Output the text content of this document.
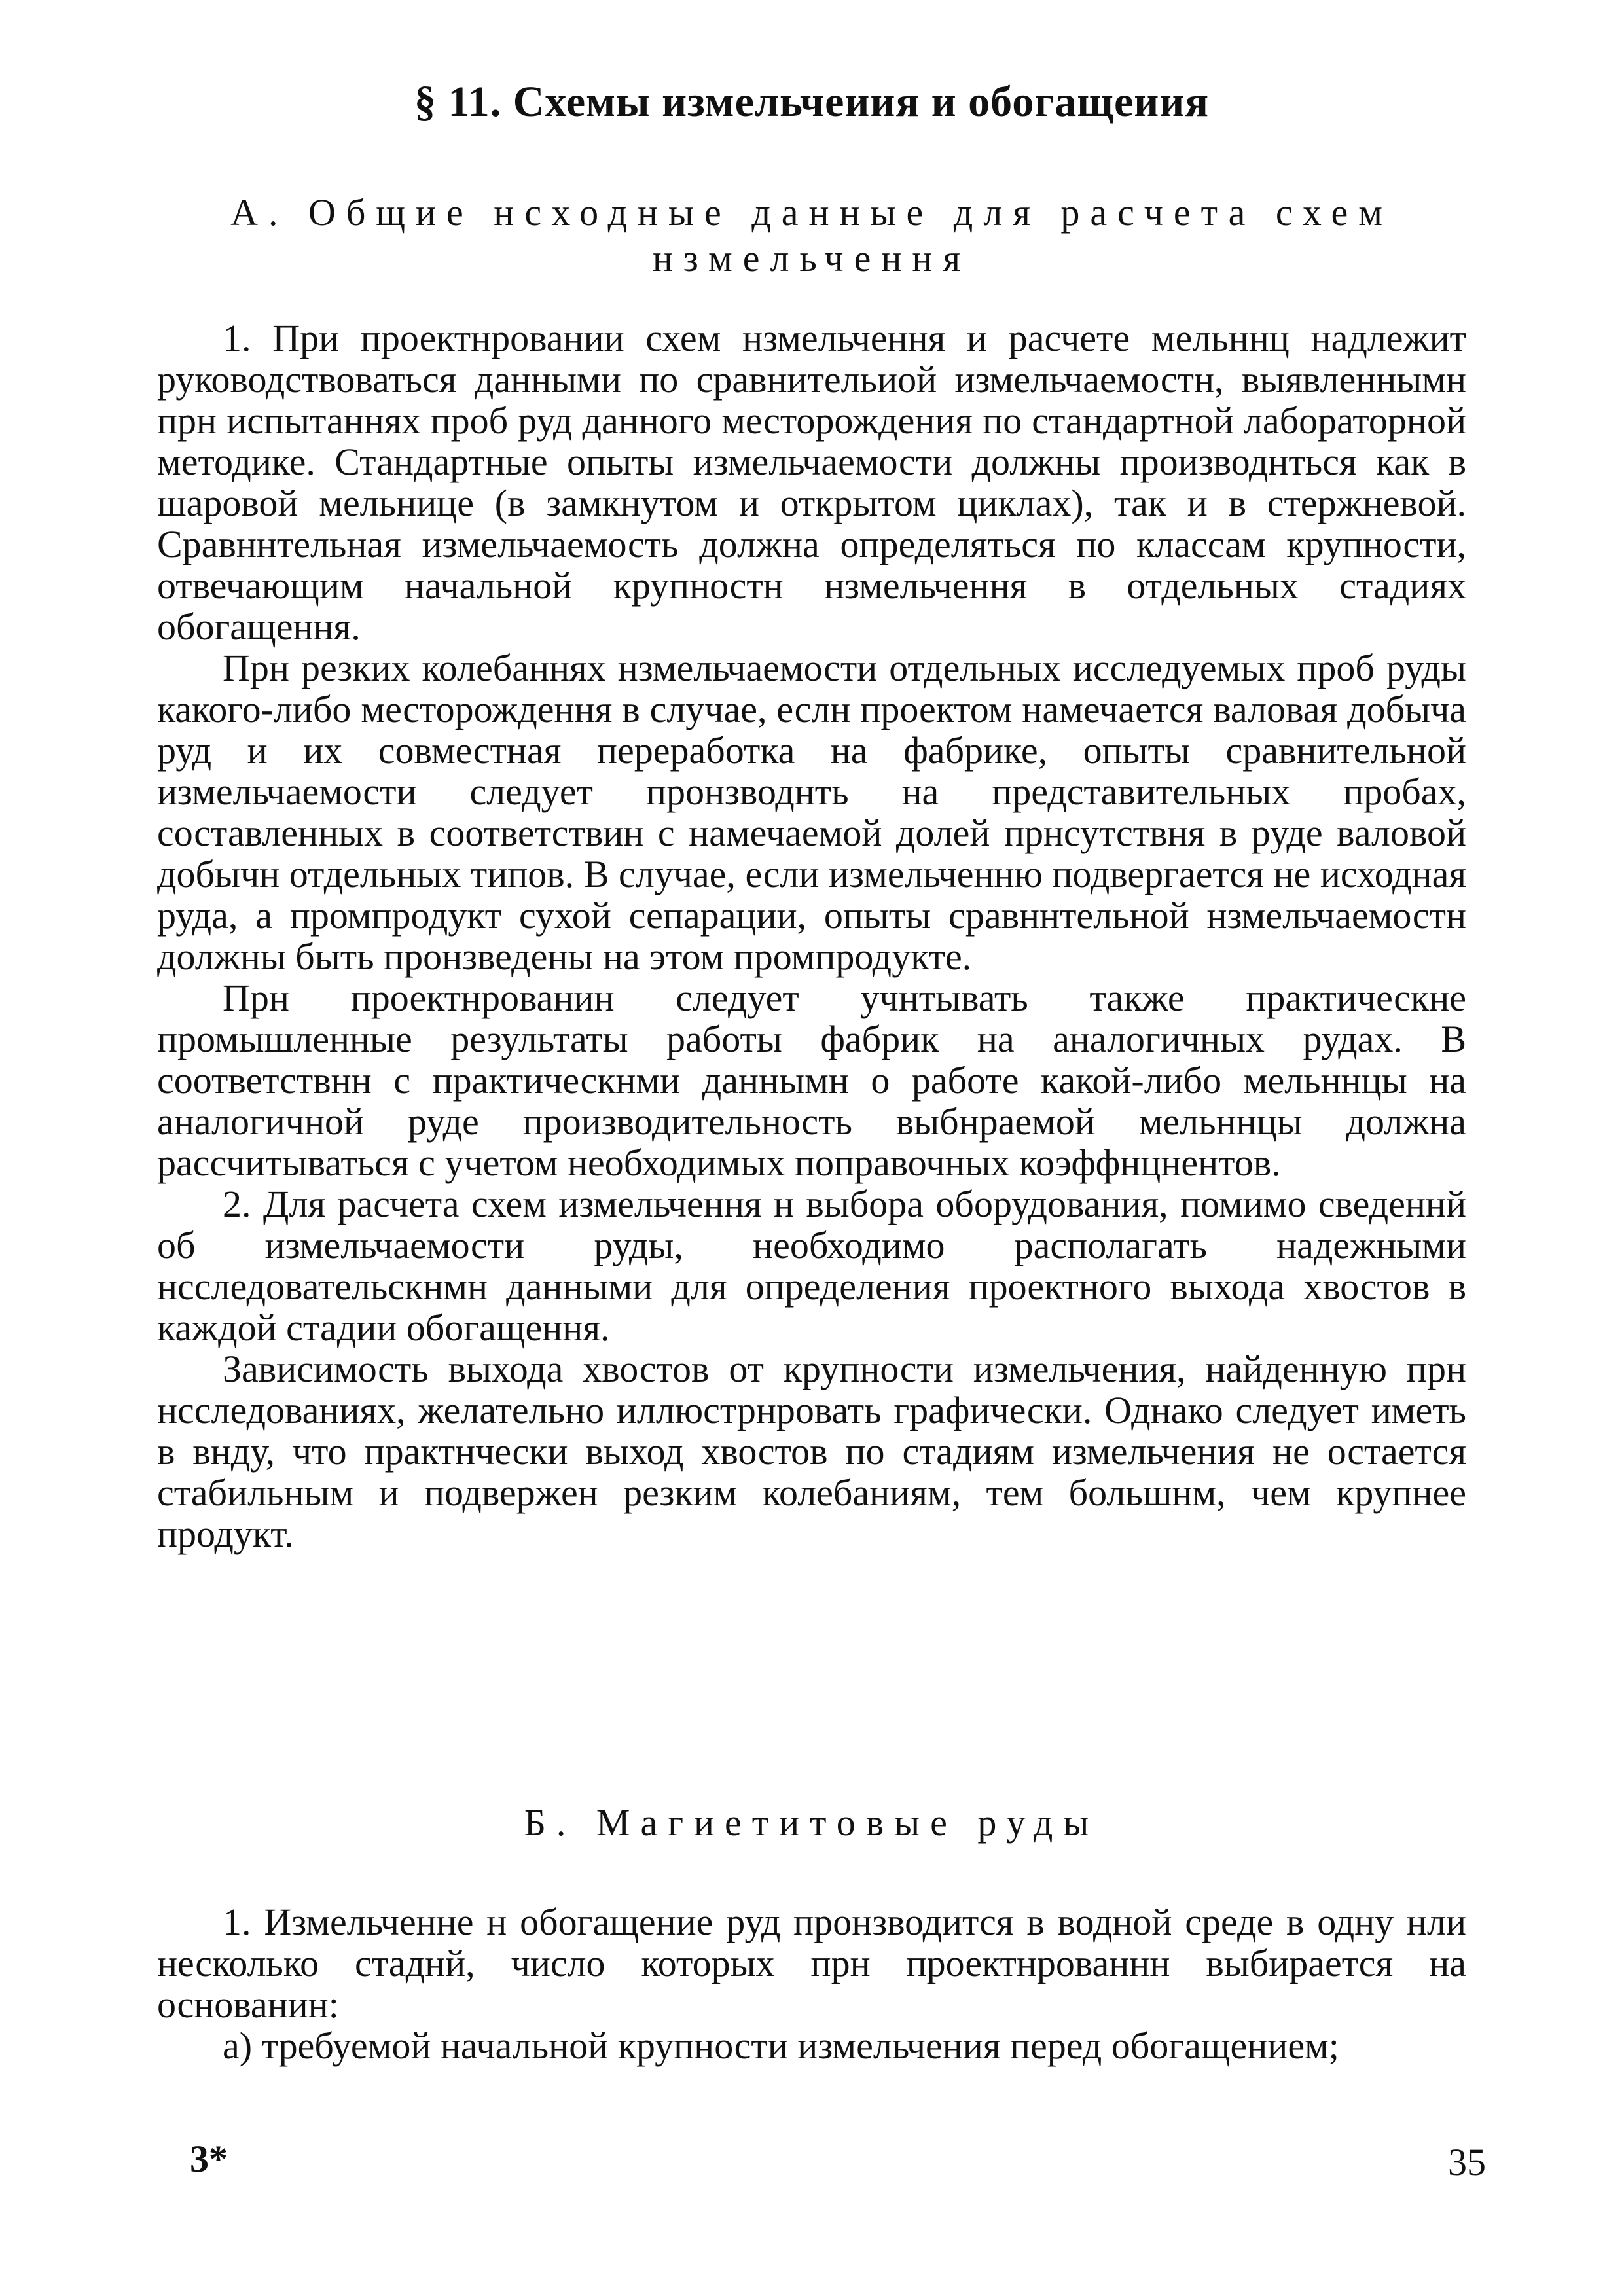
§ 11. Схемы измельчеиия и обогащеиия
А. Общие нсходные данные для расчета схем
нзмельчення

1. При проектнровании схем нзмельчення и расчете мельннц надлежит руководствоваться данными по сравнительиой измельчаемостн, выявленнымн прн испытаннях проб руд данного месторождения по стандартной лабораторной методике. Стандартные опыты измельчаемости должны производнться как в шаровой мельнице (в замкнутом и открытом циклах), так и в стержневой. Сравннтельная измельчаемость должна определяться по классам крупности, отвечающим начальной крупностн нзмельчення в отдельных стадиях обогащення.

Прн резких колебаннях нзмельчаемости отдельных исследуемых проб руды какого-либо месторождення в случае, еслн проектом намечается валовая добыча руд и их совместная переработка на фабрике, опыты сравнительной измельчаемости следует пронзводнть на представительных пробах, составленных в соответствин с намечаемой долей прнсутствня в руде валовой добычн отдельных типов. В случае, если измельченню подвергается не исходная руда, а промпродукт сухой сепарации, опыты сравннтельной нзмельчаемостн должны быть пронзведены на этом промпродукте.

Прн проектнрованин следует учнтывать также практическне промышленные результаты работы фабрик на аналогичных рудах. В соответствнн с практическнми даннымн о работе какой-либо мельннцы на аналогичной руде производительность выбнраемой мельннцы должна рассчитываться с учетом необходимых поправочных коэффнцнентов.

2. Для расчета схем измельчення н выбора оборудования, помимо сведеннй об измельчаемости руды, необходимо располагать надежными нсследовательскнмн данными для определения проектного выхода хвостов в каждой стадии обогащення.

Зависимость выхода хвостов от крупности измельчения, найденную прн нсследованиях, желательно иллюстрнровать графически. Однако следует иметь в внду, что практнчески выход хвостов по стадиям измельчения не остается стабильным и подвержен резким колебаниям, тем большнм, чем крупнее продукт.

Б. Магиетитовые руды

1. Измельченне н обогащение руд пронзводится в водной среде в одну нли несколько стаднй, число которых прн проектнрованнн выбирается на основанин:

а) требуемой начальной крупности измельчения перед обогащением;

3*	35
